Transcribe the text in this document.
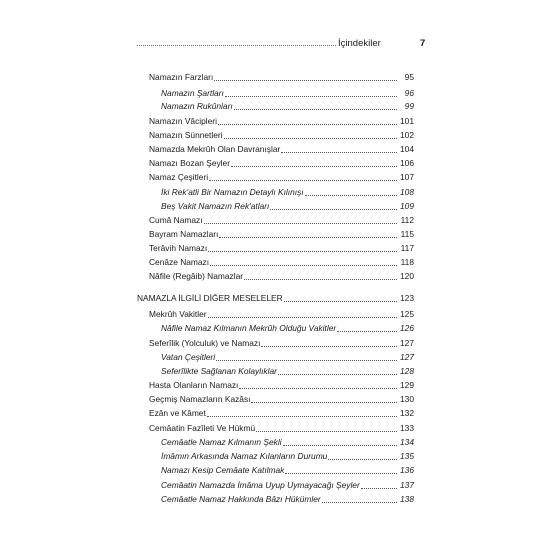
İçindekiler	7
Namazın Farzları	95
Namazın Şartları	96
Namazın Rukûnları	99
Namazın Vâcipleri	101
Namazın Sünnetleri	102
Namazda Mekrûh Olan Davranışlar	104
Namazı Bozan Şeyler	106
Namaz Çeşitleri	107
İki Rek'atli Bir Namazın Detaylı Kılınışı	108
Beş Vakit Namazın Rek'atları	109
Cumâ Namazı	112
Bayram Namazları	115
Terâvih Namazı	117
Cenâze Namazı	118
Nâfile (Regâib) Namazlar	120
NAMAZLA İLGİLİ DİĞER MESELELER	123
Mekrûh Vakitler	125
Nâfile Namaz Kılmanın Mekrûh Olduğu Vakitler	126
Seferîlik (Yolculuk) ve Namazı	127
Vatan Çeşitleri	127
Seferîlikte Sağlanan Kolaylıklar	128
Hasta Olanların Namazı	129
Geçmiş Namazların Kazâsı	130
Ezân ve Kâmet	132
Cemâatin Fazîleti Ve Hükmü	133
Cemâatle Namaz Kılmanın Şekli	134
İmâmın Arkasında Namaz Kılanların Durumu	135
Namazı Kesip Cemâate Katılmak	136
Cemâatin Namazda İmâma Uyup Uymayacağı Şeyler	137
Cemâatle Namaz Hakkında Bâzı Hükümler	138
